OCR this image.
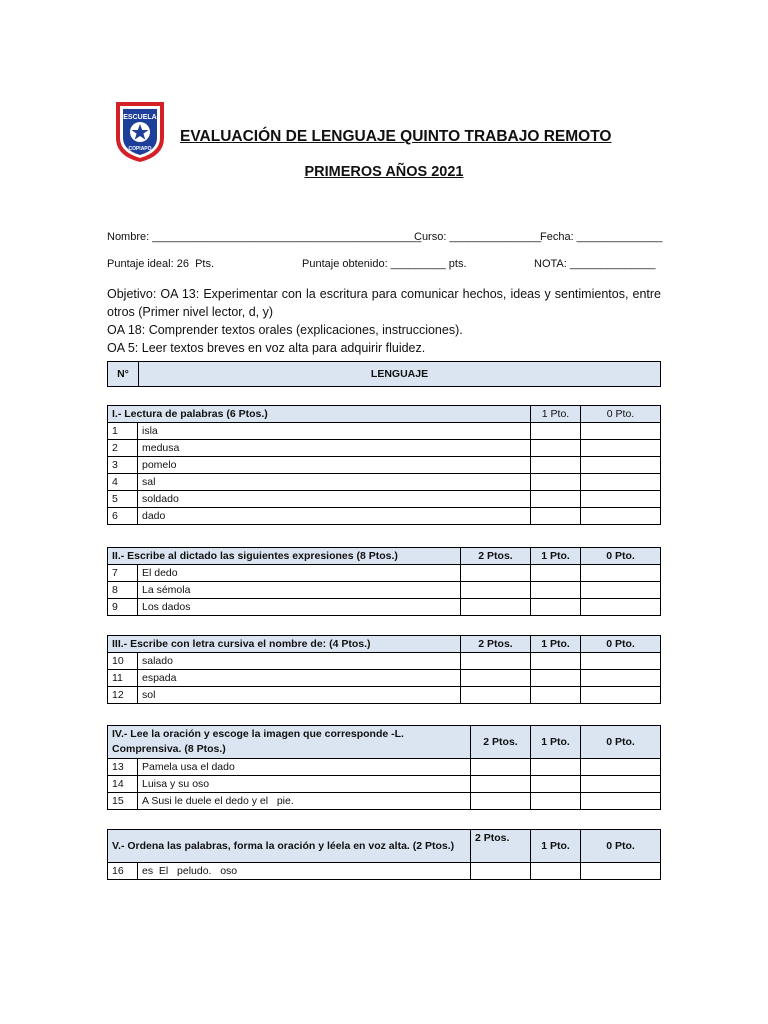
ESCUELA
COPIAPO
EVALUACIÓN DE LENGUAJE QUINTO TRABAJO REMOTO
PRIMEROS AÑOS 2021
Nombre: ____________________________________________
Curso: _______________
Fecha: ______________
Puntaje ideal: 26  Pts.	Puntaje obtenido: _________ pts.	NOTA: ______________

Objetivo: OA 13: Experimentar con la escritura para comunicar hechos, ideas y sentimientos, entre otros (Primer nivel lector, d, y)

OA 18: Comprender textos orales (explicaciones, instrucciones).

OA 5: Leer textos breves en voz alta para adquirir fluidez.

N°	LENGUAJE
I.- Lectura de palabras (6 Ptos.)		1 Pto.	0 Pto.
1	isla		
2	medusa		
3	pomelo		
4	sal		
5	soldado		
6	dado		
II.- Escribe al dictado las siguientes expresiones (8 Ptos.)		2 Ptos.	1 Pto.	0 Pto.
7	El dedo			
8	La sémola			
9	Los dados			
III.- Escribe con letra cursiva el nombre de: (4 Ptos.)		2 Ptos.	1 Pto.	0 Pto.
10	salado			
11	espada			
12	sol			
IV.- Lee la oración y escoge la imagen que corresponde -L. Comprensiva. (8 Ptos.)		2 Ptos.	1 Pto.	0 Pto.
13	Pamela usa el dado			
14	Luisa y su oso			
15	A Susi le duele el dedo y el   pie.			
V.- Ordena las palabras, forma la oración y léela en voz alta. (2 Ptos.)		2 Ptos.	1 Pto.	0 Pto.
16	es  El   peludo.   oso			
